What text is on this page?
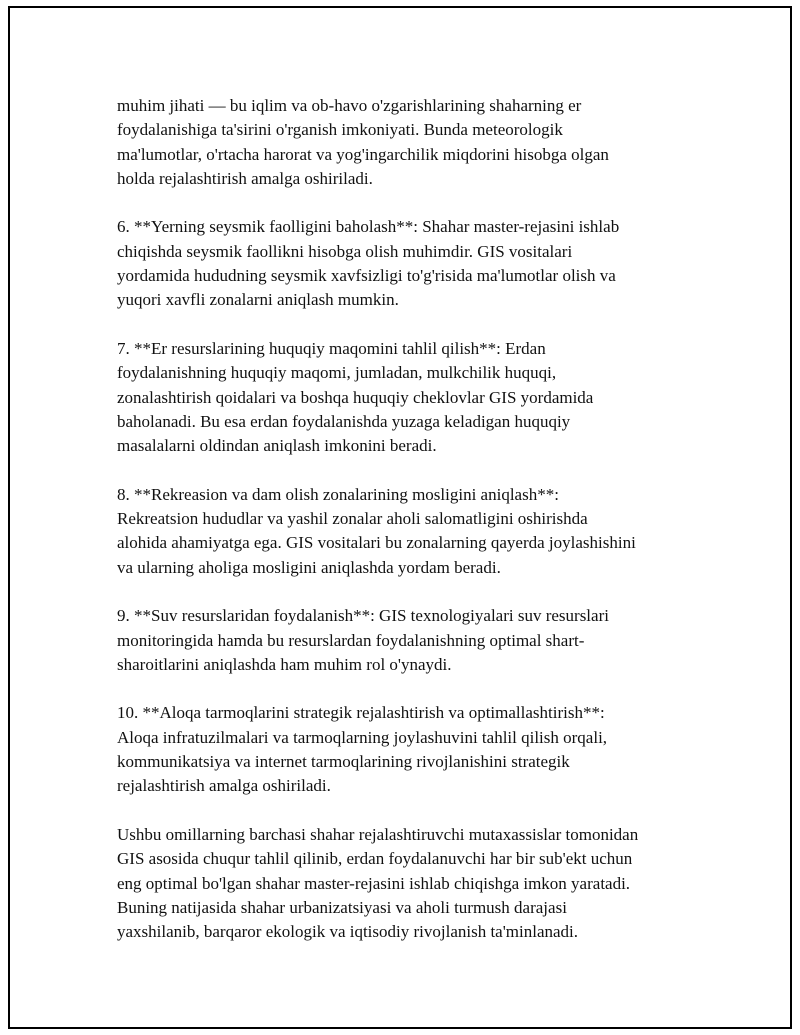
muhim jihati — bu iqlim va ob-havo o'zgarishlarining shaharning er
foydalanishiga ta'sirini o'rganish imkoniyati. Bunda meteorologik
ma'lumotlar, o'rtacha harorat va yog'ingarchilik miqdorini hisobga olgan
holda rejalashtirish amalga oshiriladi.

6. **Yerning seysmik faolligini baholash**: Shahar master-rejasini ishlab
chiqishda seysmik faollikni hisobga olish muhimdir. GIS vositalari
yordamida hududning seysmik xavfsizligi to'g'risida ma'lumotlar olish va
yuqori xavfli zonalarni aniqlash mumkin.

7. **Er resurslarining huquqiy maqomini tahlil qilish**: Erdan
foydalanishning huquqiy maqomi, jumladan, mulkchilik huquqi,
zonalashtirish qoidalari va boshqa huquqiy cheklovlar GIS yordamida
baholanadi. Bu esa erdan foydalanishda yuzaga keladigan huquqiy
masalalarni oldindan aniqlash imkonini beradi.

8. **Rekreasion va dam olish zonalarining mosligini aniqlash**:
Rekreatsion hududlar va yashil zonalar aholi salomatligini oshirishda
alohida ahamiyatga ega. GIS vositalari bu zonalarning qayerda joylashishini
va ularning aholiga mosligini aniqlashda yordam beradi.

9. **Suv resurslaridan foydalanish**: GIS texnologiyalari suv resurslari
monitoringida hamda bu resurslardan foydalanishning optimal shart-
sharoitlarini aniqlashda ham muhim rol o'ynaydi.

10. **Aloqa tarmoqlarini strategik rejalashtirish va optimallashtirish**:
Aloqa infratuzilmalari va tarmoqlarning joylashuvini tahlil qilish orqali,
kommunikatsiya va internet tarmoqlarining rivojlanishini strategik
rejalashtirish amalga oshiriladi.

Ushbu omillarning barchasi shahar rejalashtiruvchi mutaxassislar tomonidan
GIS asosida chuqur tahlil qilinib, erdan foydalanuvchi har bir sub'ekt uchun
eng optimal bo'lgan shahar master-rejasini ishlab chiqishga imkon yaratadi.
Buning natijasida shahar urbanizatsiyasi va aholi turmush darajasi
yaxshilanib, barqaror ekologik va iqtisodiy rivojlanish ta'minlanadi.
